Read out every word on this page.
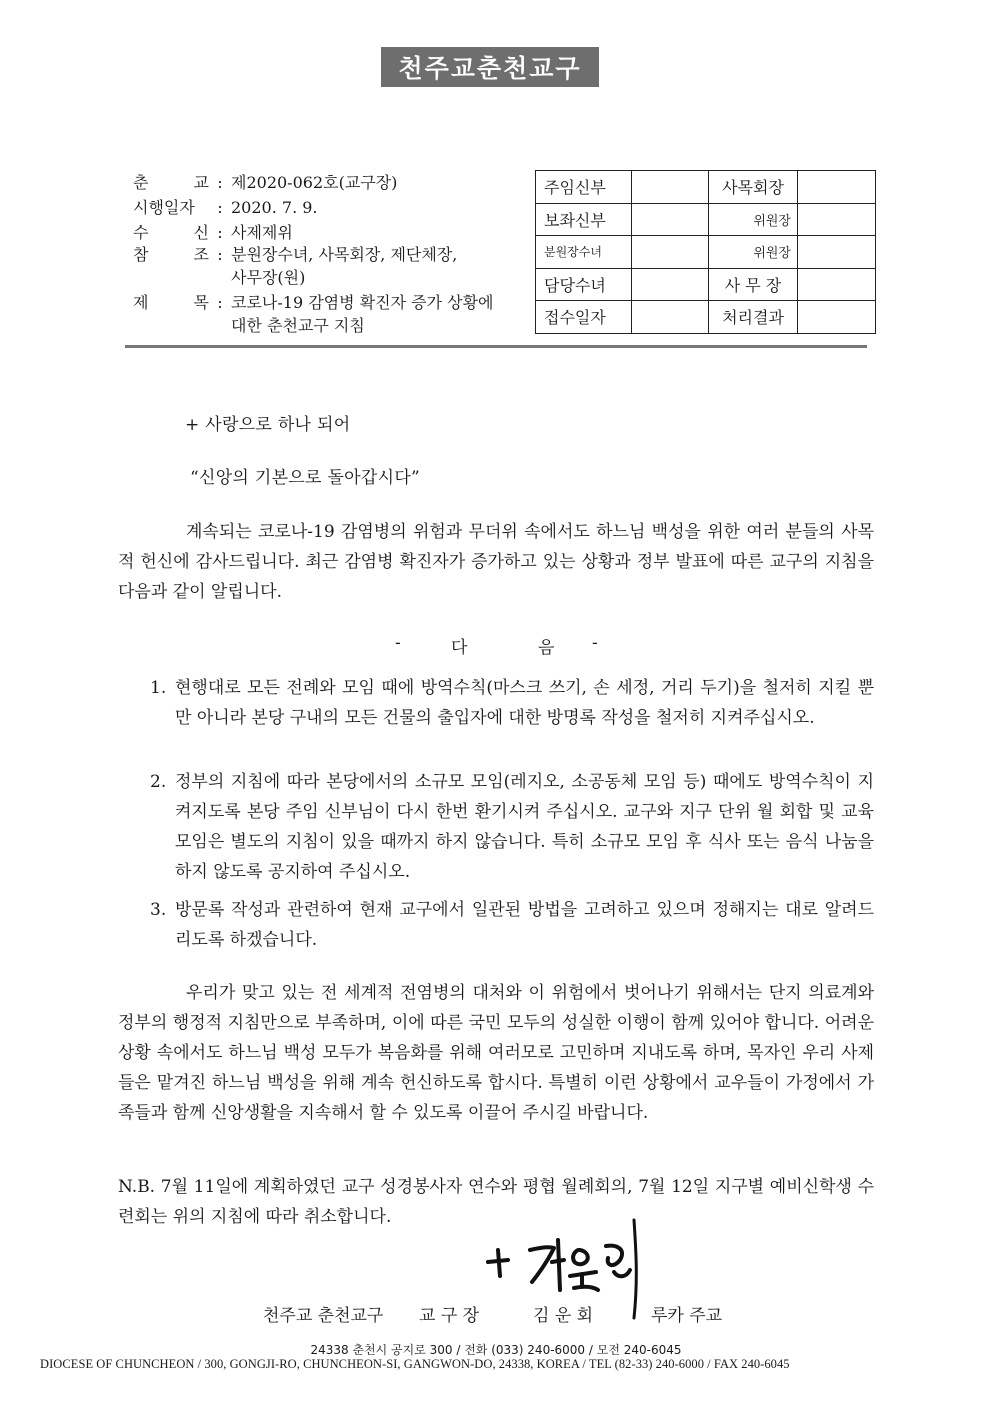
천주교춘천교구
춘 교 : 제2020-062호(교구장)
시행일자 : 2020. 7. 9.
수 신 : 사제제위
참 조 : 분원장수녀, 사목회장, 제단체장,
사무장(원)
제 목 : 코로나-19 감염병 확진자 증가 상황에
대한 춘천교구 지침
주임신부		사목회장	
보좌신부		위원장	
분원장수녀		위원장	
담당수녀		사 무 장	
접수일자		처리결과	
+ 사랑으로 하나 되어
“신앙의 기본으로 돌아갑시다”
계속되는 코로나-19 감염병의 위험과 무더위 속에서도 하느님 백성을 위한 여러 분들의 사목적 헌신에 감사드립니다. 최근 감염병 확진자가 증가하고 있는 상황과 정부 발표에 따른 교구의 지침을 다음과 같이 알립니다.
-	다	음 -
1. 현행대로 모든 전례와 모임 때에 방역수칙(마스크 쓰기, 손 세정, 거리 두기)을 철저히 지킬 뿐만 아니라 본당 구내의 모든 건물의 출입자에 대한 방명록 작성을 철저히 지켜주십시오.
2. 정부의 지침에 따라 본당에서의 소규모 모임(레지오, 소공동체 모임 등) 때에도 방역수칙이 지켜지도록 본당 주임 신부님이 다시 한번 환기시켜 주십시오. 교구와 지구 단위 월 회합 및 교육 모임은 별도의 지침이 있을 때까지 하지 않습니다. 특히 소규모 모임 후 식사 또는 음식 나눔을 하지 않도록 공지하여 주십시오.
3. 방문록 작성과 관련하여 현재 교구에서 일관된 방법을 고려하고 있으며 정해지는 대로 알려드리도록 하겠습니다.
우리가 맞고 있는 전 세계적 전염병의 대처와 이 위험에서 벗어나기 위해서는 단지 의료계와 정부의 행정적 지침만으로 부족하며, 이에 따른 국민 모두의 성실한 이행이 함께 있어야 합니다. 어려운 상황 속에서도 하느님 백성 모두가 복음화를 위해 여러모로 고민하며 지내도록 하며, 목자인 우리 사제들은 맡겨진 하느님 백성을 위해 계속 헌신하도록 합시다. 특별히 이런 상황에서 교우들이 가정에서 가족들과 함께 신앙생활을 지속해서 할 수 있도록 이끌어 주시길 바랍니다.
N.B. 7월 11일에 계획하였던 교구 성경봉사자 연수와 평협 월례회의, 7월 12일 지구별 예비신학생 수련회는 위의 지침에 따라 취소합니다.
천주교 춘천교구 교 구 장	김 운 회	루카 주교
24338 춘천시 공지로 300 / 전화 (033) 240-6000 / 모전 240-6045
DIOCESE OF CHUNCHEON / 300, GONGJI-RO, CHUNCHEON-SI, GANGWON-DO, 24338, KOREA / TEL (82-33) 240-6000 / FAX 240-6045
